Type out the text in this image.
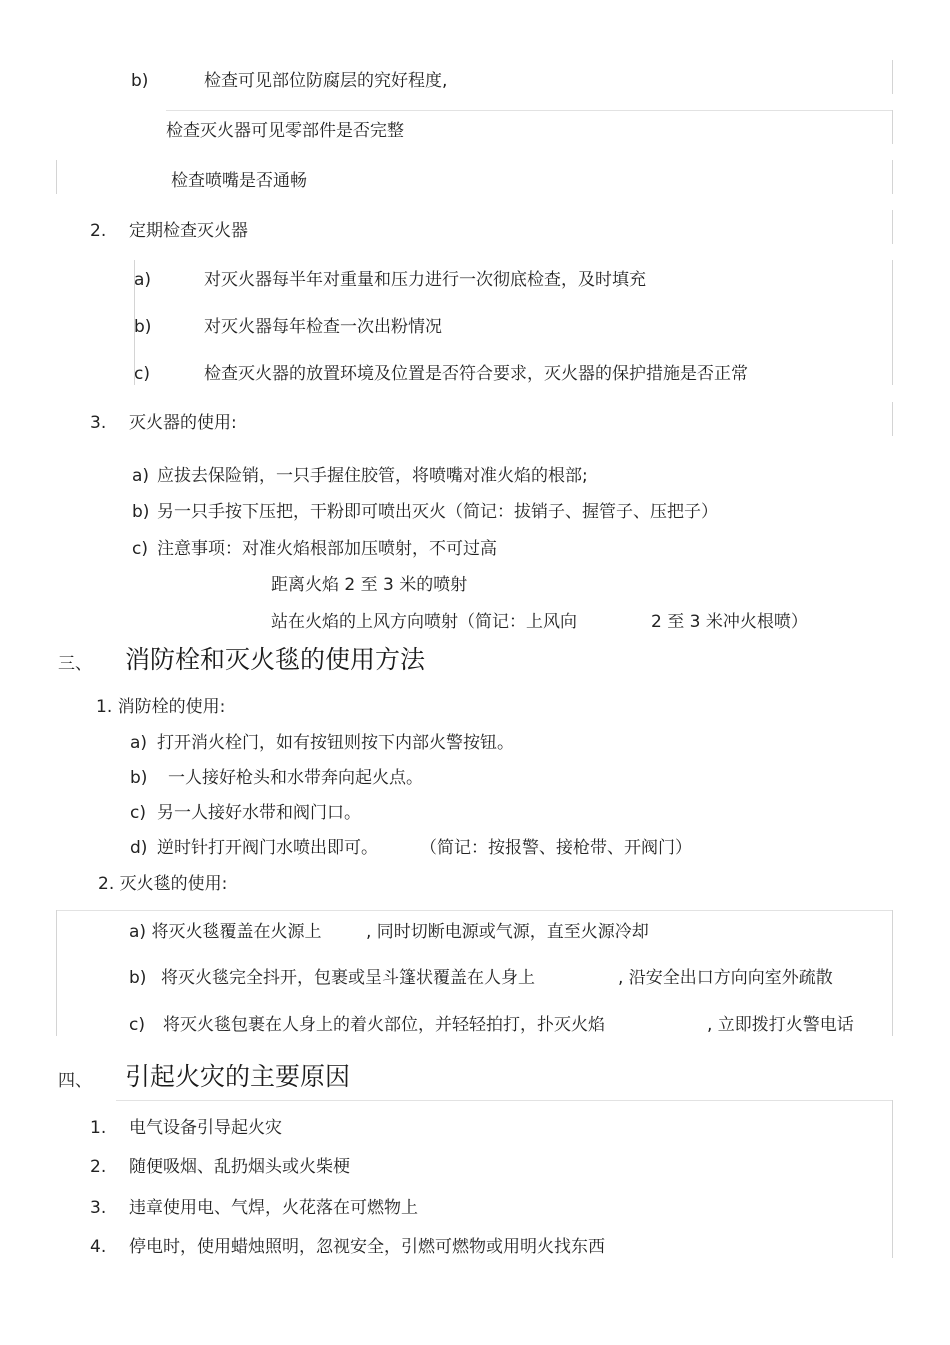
b)	检查可见部位防腐层的究好程度,
检查灭火器可见零部件是否完整
检查喷嘴是否通畅
2. 定期检查灭火器
a)	对灭火器每半年对重量和压力进行一次彻底检查，及时填充
b)	对灭火器每年检查一次出粉情况
c)	检查灭火器的放置环境及位置是否符合要求，灭火器的保护措施是否正常
3. 灭火器的使用:
a) 应拔去保险销，一只手握住胶管，将喷嘴对准火焰的根部;
b) 另一只手按下压把，干粉即可喷出灭火（简记：拔销子、握管子、压把子）
c) 注意事项：对准火焰根部加压喷射，不可过高
距离火焰 2 至 3 米的喷射
站在火焰的上风方向喷射（简记：上风向	2 至 3 米冲火根喷）
三、 消防栓和灭火毯的使用方法
1. 消防栓的使用:
a) 打开消火栓门，如有按钮则按下内部火警按钮。
b) 一人接好枪头和水带奔向起火点。
c) 另一人接好水带和阀门口。
d) 逆时针打开阀门水喷出即可。 （简记：按报警、接枪带、开阀门）
2. 灭火毯的使用:
a) 将灭火毯覆盖在火源上	, 同时切断电源或气源，直至火源冷却
b) 将灭火毯完全抖开，包裹或呈斗篷状覆盖在人身上	, 沿安全出口方向向室外疏散
c) 将灭火毯包裹在人身上的着火部位，并轻轻拍打，扑灭火焰	, 立即拨打火警电话
四、 引起火灾的主要原因
1. 电气设备引导起火灾
2. 随便吸烟、乱扔烟头或火柴梗
3. 违章使用电、气焊，火花落在可燃物上
4. 停电时，使用蜡烛照明，忽视安全，引燃可燃物或用明火找东西
